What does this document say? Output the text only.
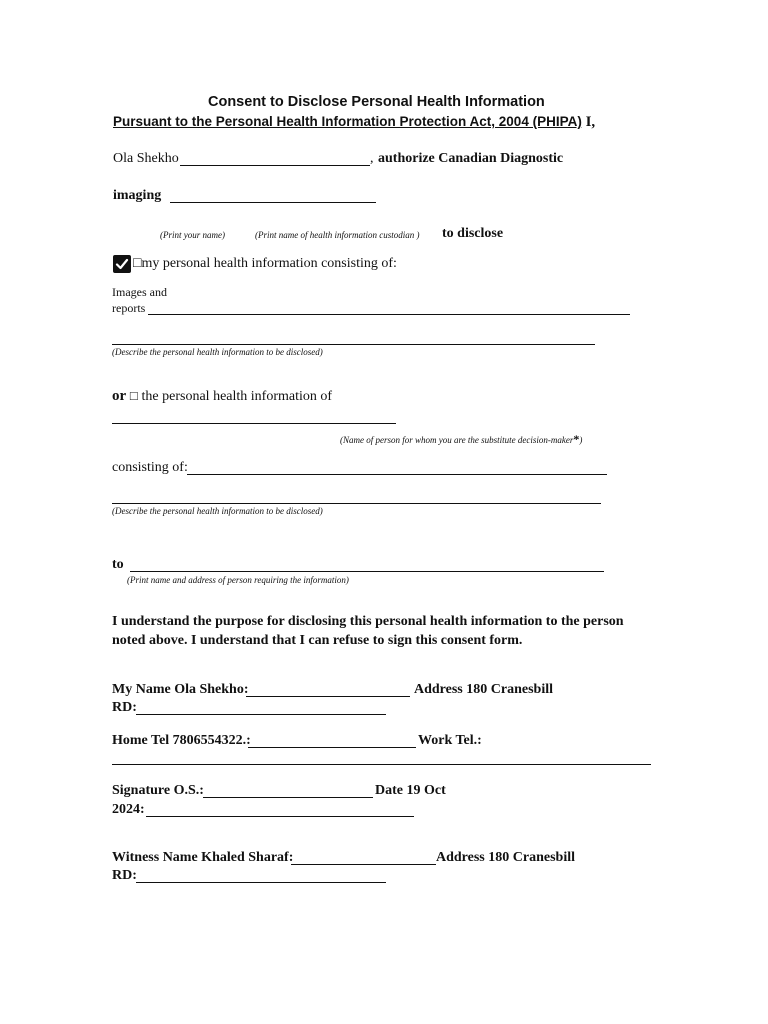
Consent to Disclose Personal Health Information
Pursuant to the Personal Health Information Protection Act, 2004 (PHIPA) I,
Ola Shekho	, authorize Canadian Diagnostic
imaging
(Print your name)	(Print name of health information custodian ) to disclose
□my personal health information consisting of:
Images and
reports
(Describe the personal health information to be disclosed)
or □ the personal health information of
(Name of person for whom you are the substitute decision-maker*)
consisting of:
(Describe the personal health information to be disclosed)
to
(Print name and address of person requiring the information)
I understand the purpose for disclosing this personal health information to the person
noted above. I understand that I can refuse to sign this consent form.
My Name Ola Shekho:	Address 180 Cranesbill
RD:
Home Tel 7806554322.:	Work Tel.:
Signature O.S.:	Date 19 Oct
2024:
Witness Name Khaled Sharaf:	Address 180 Cranesbill
RD:
